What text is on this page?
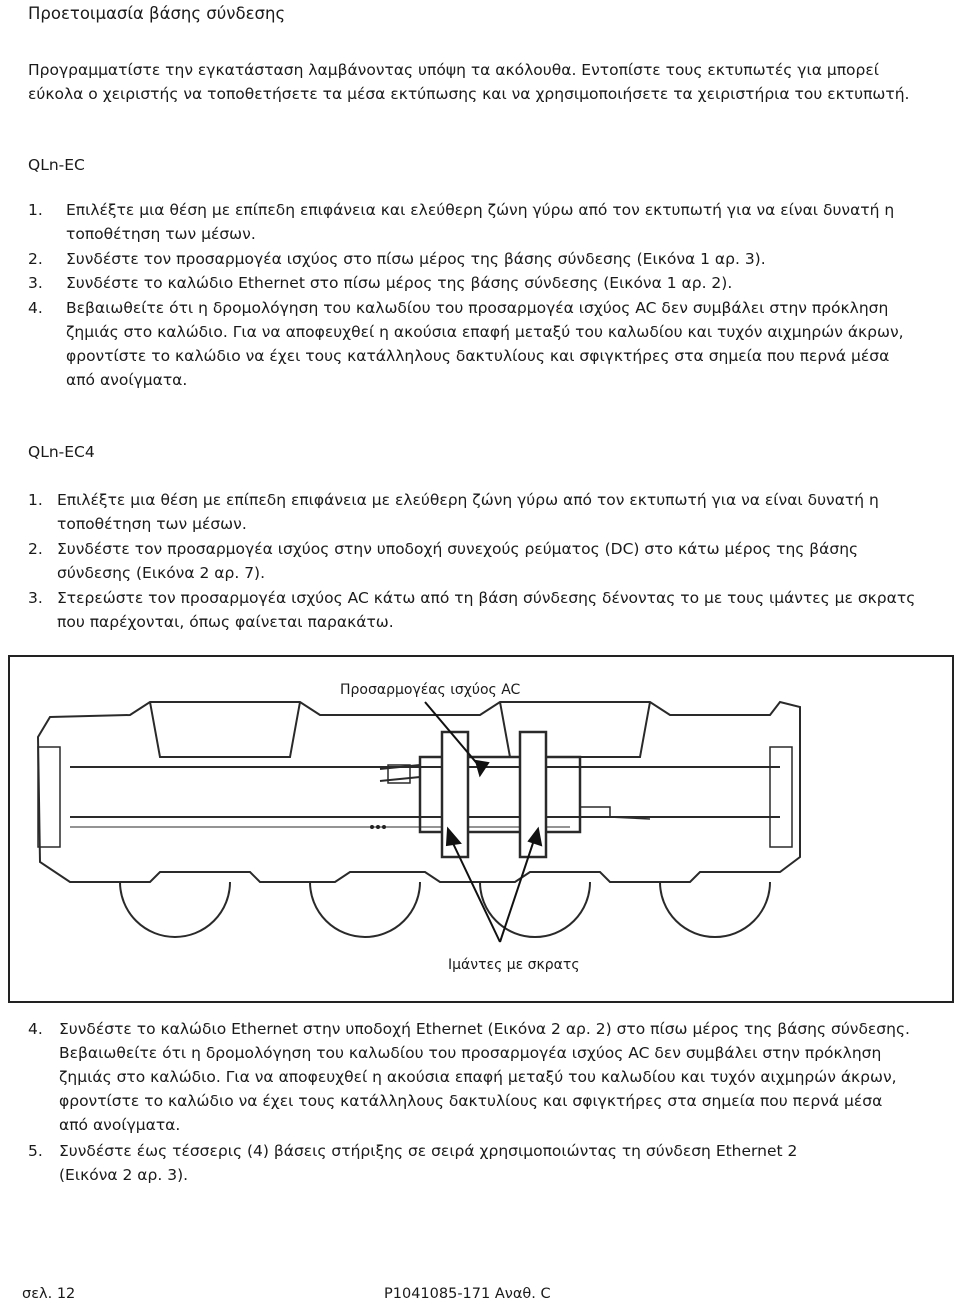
Προετοιμασία βάσης σύνδεσης
Προγραμματίστε την εγκατάσταση λαμβάνοντας υπόψη τα ακόλουθα. Εντοπίστε τους εκτυπωτές για μπορεί
εύκολα ο χειριστής να τοποθετήσετε τα μέσα εκτύπωσης και να χρησιμοποιήσετε τα χειριστήρια του εκτυπωτή.
QLn-EC
1. Επιλέξτε μια θέση με επίπεδη επιφάνεια και ελεύθερη ζώνη γύρω από τον εκτυπωτή για να είναι δυνατή η
τοποθέτηση των μέσων.
2. Συνδέστε τον προσαρμογέα ισχύος στο πίσω μέρος της βάσης σύνδεσης (Εικόνα 1 αρ. 3).
3. Συνδέστε το καλώδιο Ethernet στο πίσω μέρος της βάσης σύνδεσης (Εικόνα 1 αρ. 2).
4. Βεβαιωθείτε ότι η δρομολόγηση του καλωδίου του προσαρμογέα ισχύος AC δεν συμβάλει στην πρόκληση
ζημιάς στο καλώδιο. Για να αποφευχθεί η ακούσια επαφή μεταξύ του καλωδίου και τυχόν αιχμηρών άκρων,
φροντίστε το καλώδιο να έχει τους κατάλληλους δακτυλίους και σφιγκτήρες στα σημεία που περνά μέσα
από ανοίγματα.
QLn-EC4
1. Επιλέξτε μια θέση με επίπεδη επιφάνεια με ελεύθερη ζώνη γύρω από τον εκτυπωτή για να είναι δυνατή η
τοποθέτηση των μέσων.
2. Συνδέστε τον προσαρμογέα ισχύος στην υποδοχή συνεχούς ρεύματος (DC) στο κάτω μέρος της βάσης
σύνδεσης (Εικόνα 2 αρ. 7).
3. Στερεώστε τον προσαρμογέα ισχύος AC κάτω από τη βάση σύνδεσης δένοντας το με τους ιμάντες με σκρατς
που παρέχονται, όπως φαίνεται παρακάτω.
Προσαρμογέας ισχύος AC
Ιμάντες με σκρατς
4. Συνδέστε το καλώδιο Ethernet στην υποδοχή Ethernet (Εικόνα 2 αρ. 2) στο πίσω μέρος της βάσης σύνδεσης.
Βεβαιωθείτε ότι η δρομολόγηση του καλωδίου του προσαρμογέα ισχύος AC δεν συμβάλει στην πρόκληση
ζημιάς στο καλώδιο. Για να αποφευχθεί η ακούσια επαφή μεταξύ του καλωδίου και τυχόν αιχμηρών άκρων,
φροντίστε το καλώδιο να έχει τους κατάλληλους δακτυλίους και σφιγκτήρες στα σημεία που περνά μέσα
από ανοίγματα.
5. Συνδέστε έως τέσσερις (4) βάσεις στήριξης σε σειρά χρησιμοποιώντας τη σύνδεση Ethernet 2
(Εικόνα 2 αρ. 3).
σελ. 12	P1041085-171 Αναθ. C
